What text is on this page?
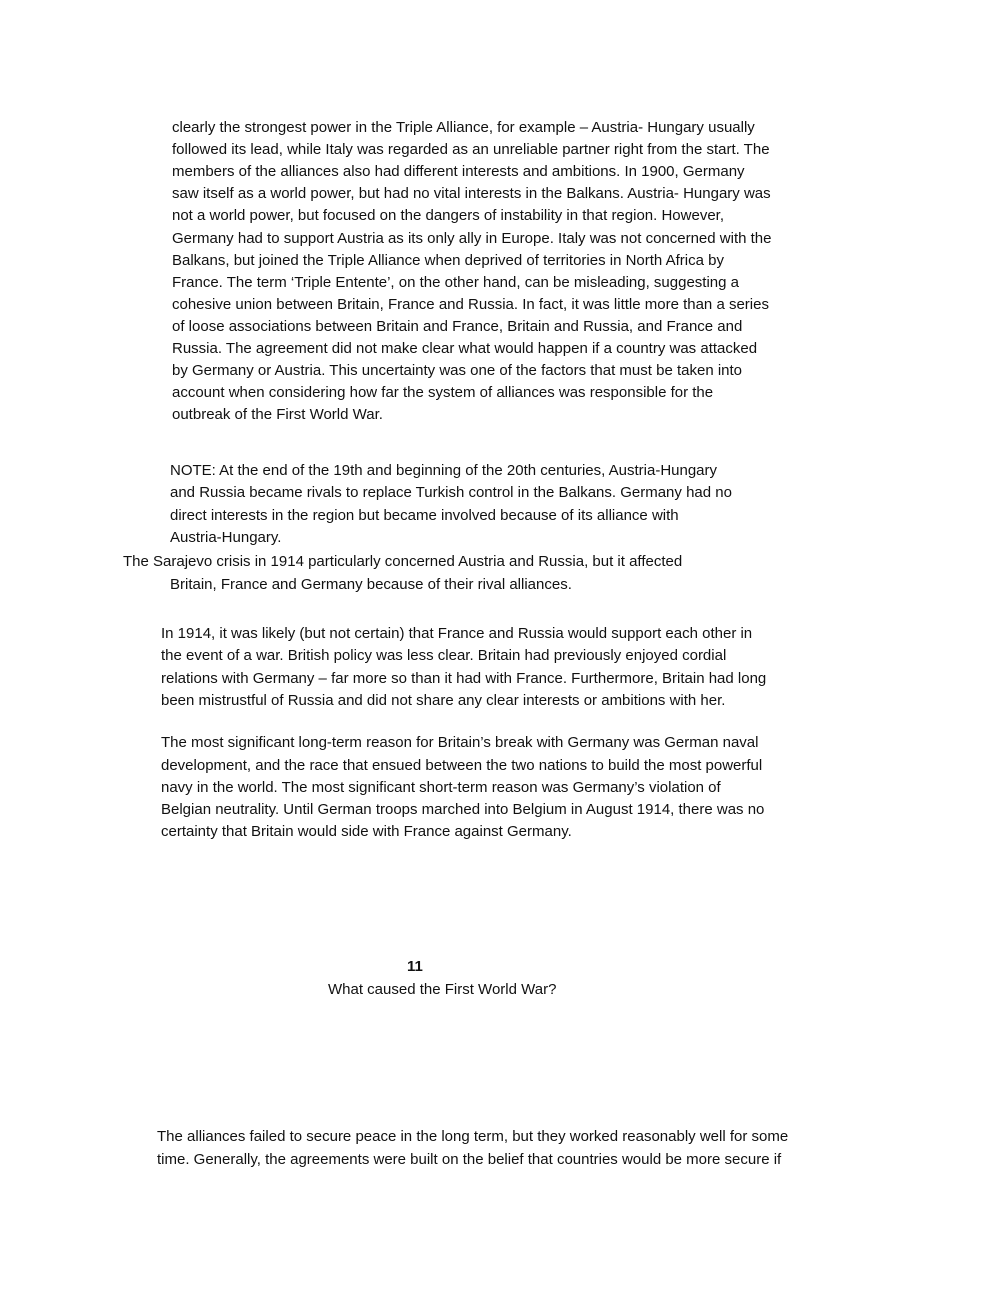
clearly the strongest power in the Triple Alliance, for example – Austria- Hungary usually

followed its lead, while Italy was regarded as an unreliable partner right from the start. The

members of the alliances also had different interests and ambitions. In 1900, Germany

saw itself as a world power, but had no vital interests in the Balkans. Austria- Hungary was

not a world power, but focused on the dangers of instability in that region. However,

Germany had to support Austria as its only ally in Europe. Italy was not concerned with the

Balkans, but joined the Triple Alliance when deprived of territories in North Africa by

France. The term ‘Triple Entente’, on the other hand, can be misleading, suggesting a

cohesive union between Britain, France and Russia. In fact, it was little more than a series

of loose associations between Britain and France, Britain and Russia, and France and

Russia. The agreement did not make clear what would happen if a country was attacked

by Germany or Austria. This uncertainty was one of the factors that must be taken into

account when considering how far the system of alliances was responsible for the

outbreak of the First World War.

NOTE: At the end of the 19th and beginning of the 20th centuries, Austria-Hungary

and Russia became rivals to replace Turkish control in the Balkans. Germany had no

direct interests in the region but became involved because of its alliance with

Austria-Hungary.

The Sarajevo crisis in 1914 particularly concerned Austria and Russia, but it affected

Britain, France and Germany because of their rival alliances.

In 1914, it was likely (but not certain) that France and Russia would support each other in

the event of a war. British policy was less clear. Britain had previously enjoyed cordial

relations with Germany – far more so than it had with France. Furthermore, Britain had long

been mistrustful of Russia and did not share any clear interests or ambitions with her.

The most significant long-term reason for Britain’s break with Germany was German naval

development, and the race that ensued between the two nations to build the most powerful

navy in the world. The most significant short-term reason was Germany’s violation of

Belgian neutrality. Until German troops marched into Belgium in August 1914, there was no

certainty that Britain would side with France against Germany.

11

What caused the First World War?

The alliances failed to secure peace in the long term, but they worked reasonably well for some

time. Generally, the agreements were built on the belief that countries would be more secure if
